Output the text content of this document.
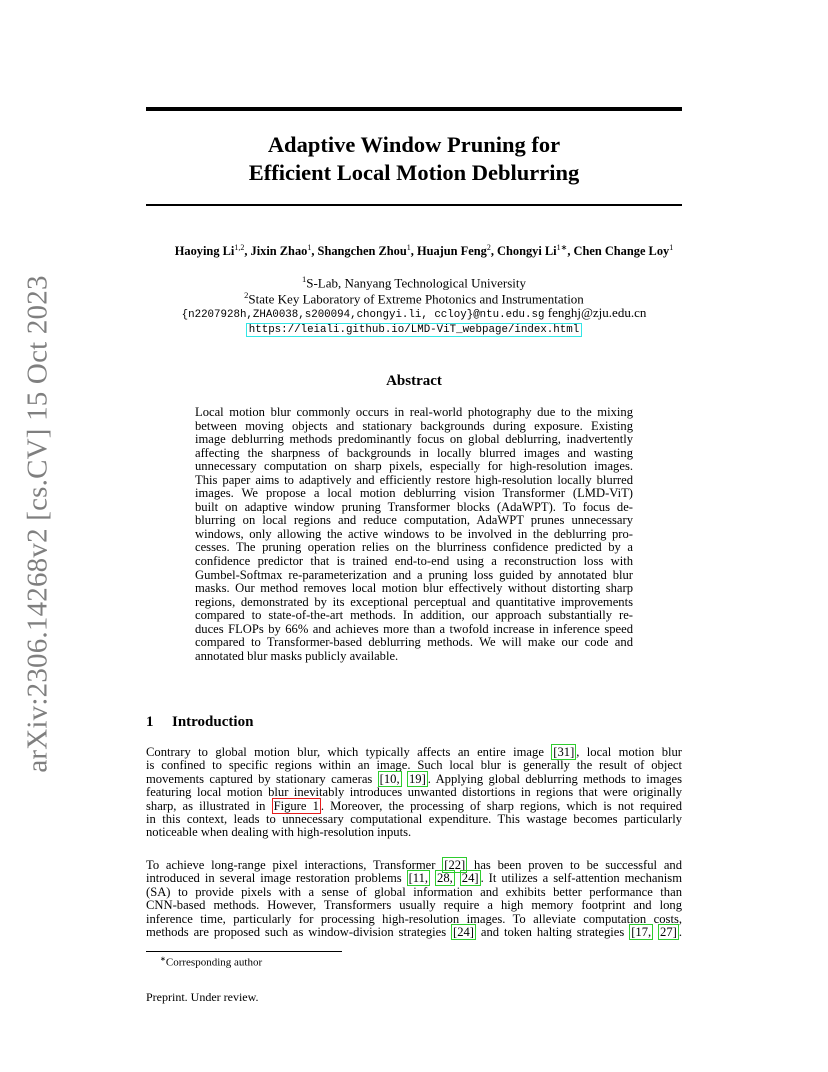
arXiv:2306.14268v2 [cs.CV] 15 Oct 2023
Adaptive Window Pruning for
Efficient Local Motion Deblurring
Haoying Li$^{1,2}$, Jixin Zhao$^1$, Shangchen Zhou$^1$, Huajun Feng$^2$, Chongyi $Li^{1∗}$, Chen Change Loy$^1$
$^1$S-Lab, Nanyang Technological University
$^2$State Key Laboratory of Extreme Photonics and Instrumentation
{n2207928h,ZHA0038,s200094,chongyi.li, ccloy}@ntu.edu.sg fenghj@zju.edu.cn
https://leiali.github.io/LMD-ViT_webpage/index.html
Abstract
Local motion blur commonly occurs in real-world photography due to the mixing
between moving objects and stationary backgrounds during exposure. Existing
image deblurring methods predominantly focus on global deblurring, inadvertently
affecting the sharpness of backgrounds in locally blurred images and wasting
unnecessary computation on sharp pixels, especially for high-resolution images.
This paper aims to adaptively and efficiently restore high-resolution locally blurred
images. We propose a local motion deblurring vision Transformer (LMD-ViT)
built on adaptive window pruning Transformer blocks (AdaWPT). To focus de-
blurring on local regions and reduce computation, AdaWPT prunes unnecessary
windows, only allowing the active windows to be involved in the deblurring pro-
cesses. The pruning operation relies on the blurriness confidence predicted by a
confidence predictor that is trained end-to-end using a reconstruction loss with
Gumbel-Softmax re-parameterization and a pruning loss guided by annotated blur
masks. Our method removes local motion blur effectively without distorting sharp
regions, demonstrated by its exceptional perceptual and quantitative improvements
compared to state-of-the-art methods. In addition, our approach substantially re-
duces FLOPs by 66% and achieves more than a twofold increase in inference speed
compared to Transformer-based deblurring methods. We will make our code and
annotated blur masks publicly available.
1 Introduction
Contrary to global motion blur, which typically affects an entire image [31] , local motion blur
is confined to specific regions within an image. Such local blur is generally the result of object
movements captured by stationary cameras [10, 19] . Applying global deblurring methods to images
featuring local motion blur inevitably introduces unwanted distortions in regions that were originally
sharp, as illustrated in Figure 1 . Moreover, the processing of sharp regions, which is not required
in this context, leads to unnecessary computational expenditure. This wastage becomes particularly
noticeable when dealing with high-resolution inputs.
To achieve long-range pixel interactions, Transformer [22] has been proven to be successful and
introduced in several image restoration problems [11, 28, 24] . It utilizes a self-attention mechanism
(SA) to provide pixels with a sense of global information and exhibits better performance than
CNN-based methods. However, Transformers usually require a high memory footprint and long
inference time, particularly for processing high-resolution images. To alleviate computation costs,
methods are proposed such as window-division strategies [24] and token halting strategies [17, 27] .
∗Corresponding author
Preprint. Under review.
